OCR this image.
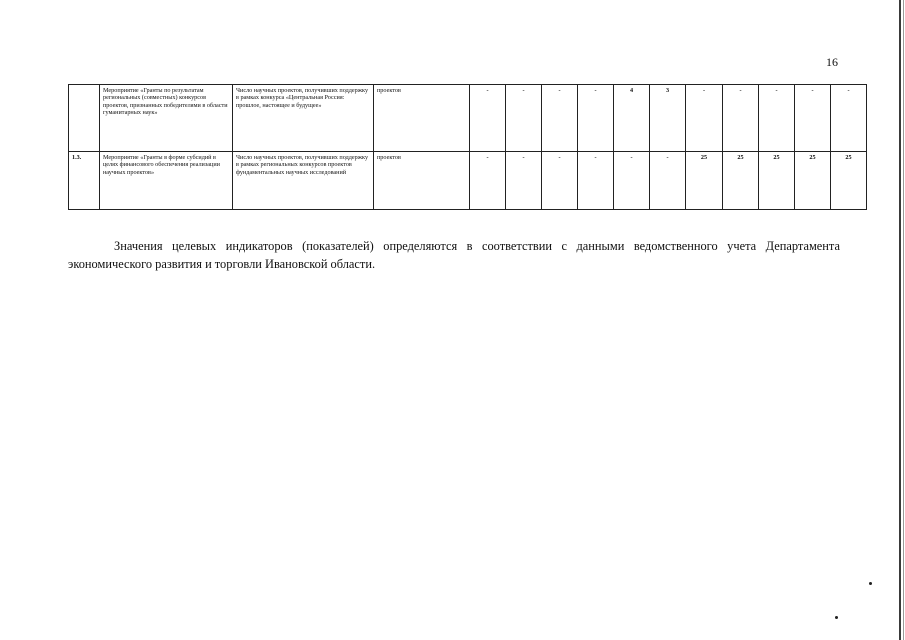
16
	Мероприятие «Гранты по результатам региональных (совместных) конкурсов проектов, признанных победителями в области гуманитарных наук»	Число научных проектов, получивших поддержку в рамках конкурса «Центральная Россия: прошлое, настоящее и будущее»	проектов	-	-	-	-	4	3	-	-	-	-	-
1.3.	Мероприятие «Гранты в форме субсидий в целях финансового обеспечения реализации научных проектов»	Число научных проектов, получивших поддержку в рамках региональных конкурсов проектов фундаментальных научных исследований	проектов	-	-	-	-	-	-	25	25	25	25	25

Значения целевых индикаторов (показателей) определяются в соответствии с данными ведомственного учета Департамента экономического развития и торговли Ивановской области.
